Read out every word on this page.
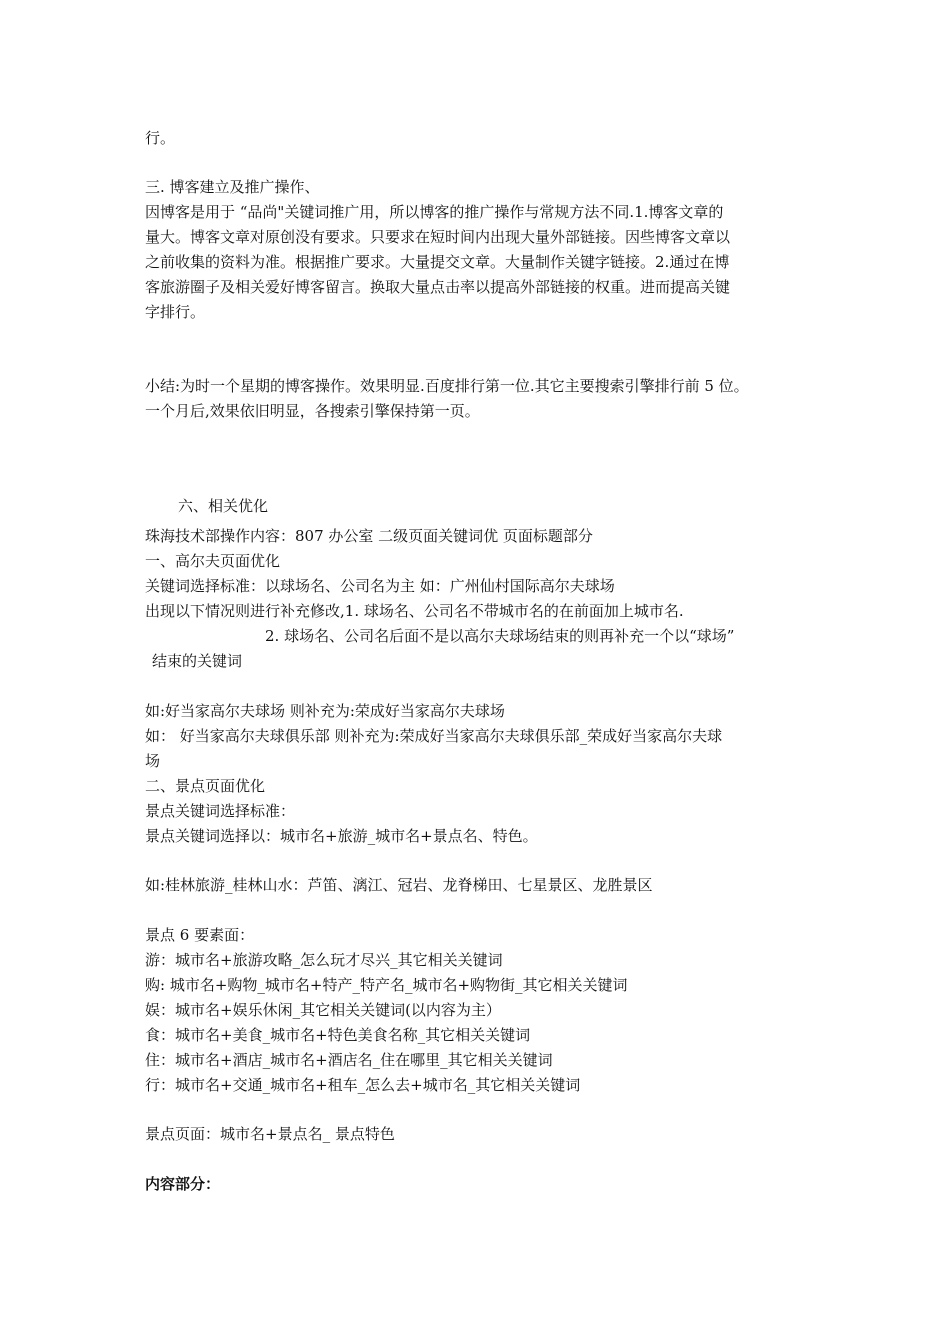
行。
三. 博客建立及推广操作、
因博客是用于 “品尚"关键词推广用，所以博客的推广操作与常规方法不同.1.博客文章的
量大。博客文章对原创没有要求。只要求在短时间内出现大量外部链接。因些博客文章以
之前收集的资料为准。根据推广要求。大量提交文章。大量制作关键字链接。2.通过在博
客旅游圈子及相关爱好博客留言。换取大量点击率以提高外部链接的权重。进而提高关键
字排行。
小结:为时一个星期的博客操作。效果明显.百度排行第一位.其它主要搜索引擎排行前 5 位。
一个月后,效果依旧明显，各搜索引擎保持第一页。
六、相关优化
珠海技术部操作内容：807 办公室 二级页面关键词优 页面标题部分
一、高尔夫页面优化
关键词选择标准：以球场名、公司名为主 如：广州仙村国际高尔夫球场
出现以下情况则进行补充修改,1. 球场名、公司名不带城市名的在前面加上城市名.
2. 球场名、公司名后面不是以高尔夫球场结束的则再补充一个以“球场”
结束的关键词
如:好当家高尔夫球场 则补充为:荣成好当家高尔夫球场
如： 好当家高尔夫球俱乐部 则补充为:荣成好当家高尔夫球俱乐部_荣成好当家高尔夫球
场
二、景点页面优化
景点关键词选择标准：
景点关键词选择以：城市名+旅游_城市名+景点名、特色。
如:桂林旅游_桂林山水：芦笛、漓江、冠岩、龙脊梯田、七星景区、龙胜景区
景点 6 要素面：
游：城市名+旅游攻略_怎么玩才尽兴_其它相关关键词
购: 城市名+购物_城市名+特产_特产名_城市名+购物街_其它相关关键词
娱：城市名+娱乐休闲_其它相关关键词(以内容为主）
食：城市名+美食_城市名+特色美食名称_其它相关关键词
住：城市名+酒店_城市名+酒店名_住在哪里_其它相关关键词
行：城市名+交通_城市名+租车_怎么去+城市名_其它相关关键词
景点页面：城市名+景点名_ 景点特色
内容部分：
